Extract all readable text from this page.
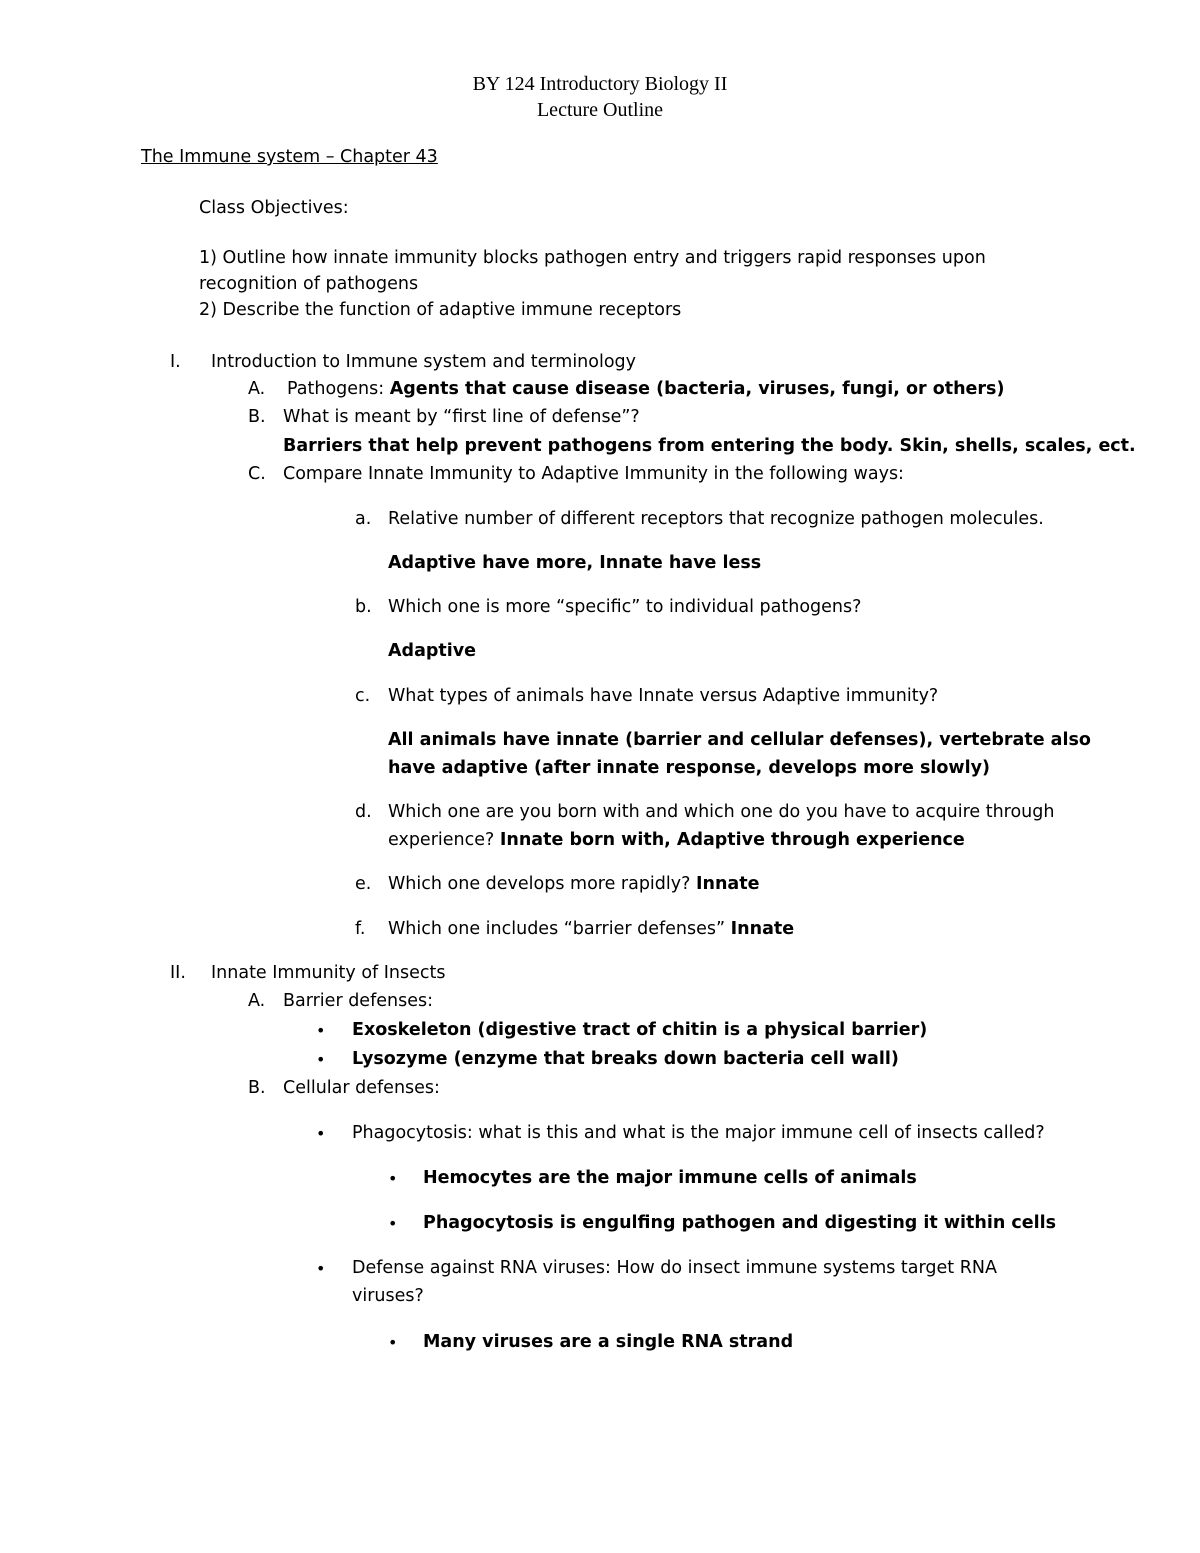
BY 124 Introductory Biology II
Lecture Outline
The Immune system – Chapter 43
Class Objectives:
1) Outline how innate immunity blocks pathogen entry and triggers rapid responses upon
recognition of pathogens
2) Describe the function of adaptive immune receptors
I. Introduction to Immune system and terminology
A. Pathogens: Agents that cause disease (bacteria, viruses, fungi, or others)
B. What is meant by “first line of defense”?
Barriers that help prevent pathogens from entering the body. Skin, shells, scales, ect.
C. Compare Innate Immunity to Adaptive Immunity in the following ways:
a. Relative number of different receptors that recognize pathogen molecules.
Adaptive have more, Innate have less
b. Which one is more “specific” to individual pathogens?
Adaptive
c. What types of animals have Innate versus Adaptive immunity?
All animals have innate (barrier and cellular defenses), vertebrate also
have adaptive (after innate response, develops more slowly)
d. Which one are you born with and which one do you have to acquire through
experience? Innate born with, Adaptive through experience
e. Which one develops more rapidly? Innate
f. Which one includes “barrier defenses” Innate
II. Innate Immunity of Insects
A. Barrier defenses:
• Exoskeleton (digestive tract of chitin is a physical barrier)
• Lysozyme (enzyme that breaks down bacteria cell wall)
B. Cellular defenses:
• Phagocytosis: what is this and what is the major immune cell of insects called?
• Hemocytes are the major immune cells of animals
• Phagocytosis is engulfing pathogen and digesting it within cells
• Defense against RNA viruses: How do insect immune systems target RNA
viruses?
• Many viruses are a single RNA strand
